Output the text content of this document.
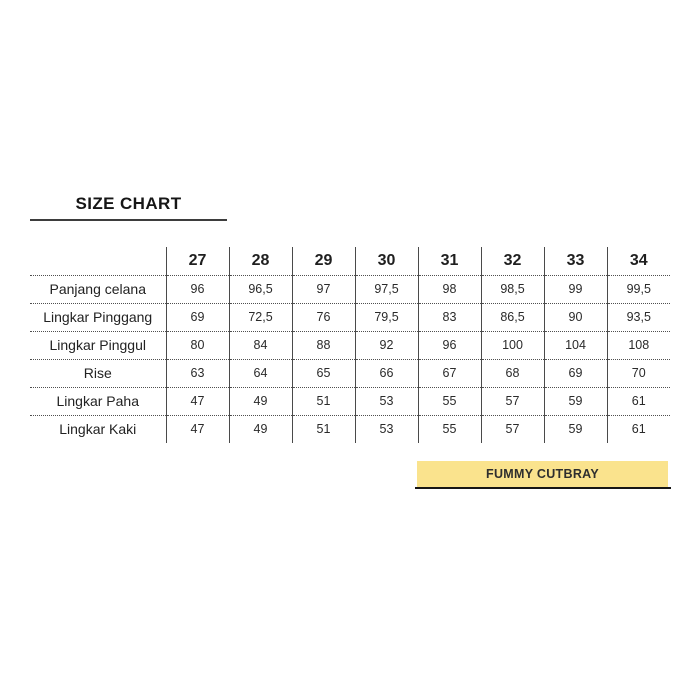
SIZE CHART
	27	28	29	30	31	32	33	34
Panjang celana	96	96,5	97	97,5	98	98,5	99	99,5
Lingkar Pinggang	69	72,5	76	79,5	83	86,5	90	93,5
Lingkar Pinggul	80	84	88	92	96	100	104	108
Rise	63	64	65	66	67	68	69	70
Lingkar Paha	47	49	51	53	55	57	59	61
Lingkar Kaki	47	49	51	53	55	57	59	61
FUMMY CUTBRAY
